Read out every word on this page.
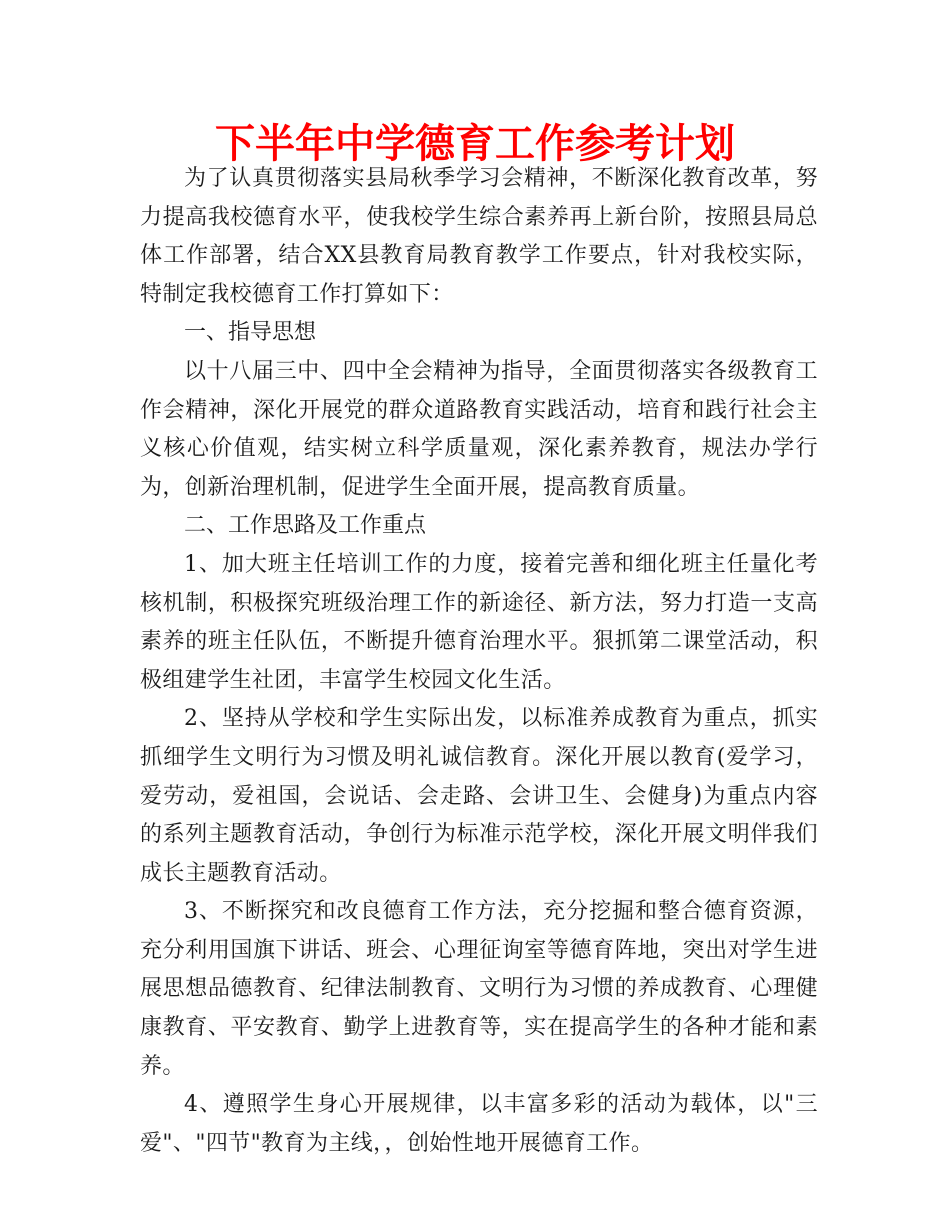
下半年中学德育工作参考计划

为了认真贯彻落实县局秋季学习会精神，不断深化教育改革，努力提高我校德育水平，使我校学生综合素养再上新台阶，按照县局总体工作部署，结合XX县教育局教育教学工作要点，针对我校实际，特制定我校德育工作打算如下：

一、指导思想

以十八届三中、四中全会精神为指导，全面贯彻落实各级教育工作会精神，深化开展党的群众道路教育实践活动，培育和践行社会主义核心价值观，结实树立科学质量观，深化素养教育，规法办学行为，创新治理机制，促进学生全面开展，提高教育质量。

二、工作思路及工作重点

1、加大班主任培训工作的力度，接着完善和细化班主任量化考核机制，积极探究班级治理工作的新途径、新方法，努力打造一支高素养的班主任队伍，不断提升德育治理水平。狠抓第二课堂活动，积极组建学生社团，丰富学生校园文化生活。

2、坚持从学校和学生实际出发，以标准养成教育为重点，抓实抓细学生文明行为习惯及明礼诚信教育。深化开展以教育(爱学习，爱劳动，爱祖国，会说话、会走路、会讲卫生、会健身)为重点内容的系列主题教育活动，争创行为标准示范学校，深化开展文明伴我们成长主题教育活动。

3、不断探究和改良德育工作方法，充分挖掘和整合德育资源，充分利用国旗下讲话、班会、心理征询室等德育阵地，突出对学生进展思想品德教育、纪律法制教育、文明行为习惯的养成教育、心理健康教育、平安教育、勤学上进教育等，实在提高学生的各种才能和素养。

4、遵照学生身心开展规律，以丰富多彩的活动为载体，以"三爱"、"四节"教育为主线，，创始性地开展德育工作。
